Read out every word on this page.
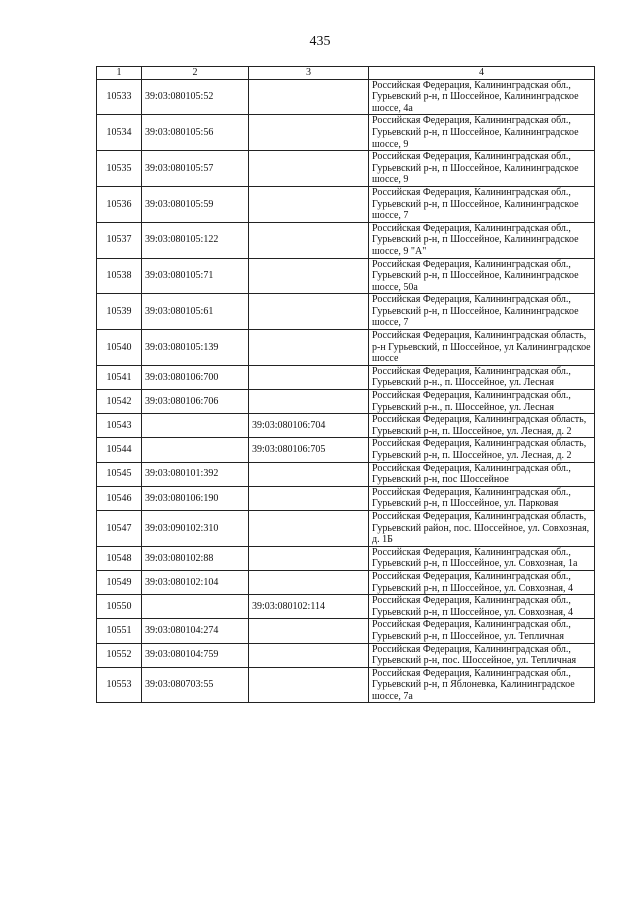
435
1	2	3	4
10533	39:03:080105:52		Российская Федерация, Калининградская обл., Гурьевский р-н, п Шоссейное, Калининградское шоссе, 4а
10534	39:03:080105:56		Российская Федерация, Калининградская обл., Гурьевский р-н, п Шоссейное, Калининградское шоссе, 9
10535	39:03:080105:57		Российская Федерация, Калининградская обл., Гурьевский р-н, п Шоссейное, Калининградское шоссе, 9
10536	39:03:080105:59		Российская Федерация, Калининградская обл., Гурьевский р-н, п Шоссейное, Калининградское шоссе, 7
10537	39:03:080105:122		Российская Федерация, Калининградская обл., Гурьевский р-н, п Шоссейное, Калининградское шоссе, 9 "А"
10538	39:03:080105:71		Российская Федерация, Калининградская обл., Гурьевский р-н, п Шоссейное, Калининградское шоссе, 50а
10539	39:03:080105:61		Российская Федерация, Калининградская обл., Гурьевский р-н, п Шоссейное, Калининградское шоссе, 7
10540	39:03:080105:139		Российская Федерация, Калининградская область, р-н Гурьевский, п Шоссейное, ул Калининградское шоссе
10541	39:03:080106:700		Российская Федерация, Калининградская обл., Гурьевский р-н., п. Шоссейное, ул. Лесная
10542	39:03:080106:706		Российская Федерация, Калининградская обл., Гурьевский р-н., п. Шоссейное, ул. Лесная
10543		39:03:080106:704	Российская Федерация, Калининградская область, Гурьевский р-н, п. Шоссейное, ул. Лесная, д. 2
10544		39:03:080106:705	Российская Федерация, Калининградская область, Гурьевский р-н, п. Шоссейное, ул. Лесная, д. 2
10545	39:03:080101:392		Российская Федерация, Калининградская обл., Гурьевский р-н, пос Шоссейное
10546	39:03:080106:190		Российская Федерация, Калининградская обл., Гурьевский р-н, п Шоссейное, ул. Парковая
10547	39:03:090102:310		Российская Федерация, Калининградская область, Гурьевский район, пос. Шоссейное, ул. Совхозная, д. 1Б
10548	39:03:080102:88		Российская Федерация, Калининградская обл., Гурьевский р-н, п Шоссейное, ул. Совхозная, 1а
10549	39:03:080102:104		Российская Федерация, Калининградская обл., Гурьевский р-н, п Шоссейное, ул. Совхозная, 4
10550		39:03:080102:114	Российская Федерация, Калининградская обл., Гурьевский р-н, п Шоссейное, ул. Совхозная, 4
10551	39:03:080104:274		Российская Федерация, Калининградская обл., Гурьевский р-н, п Шоссейное, ул. Тепличная
10552	39:03:080104:759		Российская Федерация, Калининградская обл., Гурьевский р-н, пос. Шоссейное, ул. Тепличная
10553	39:03:080703:55		Российская Федерация, Калининградская обл., Гурьевский р-н, п Яблоневка, Калининградское шоссе, 7а
